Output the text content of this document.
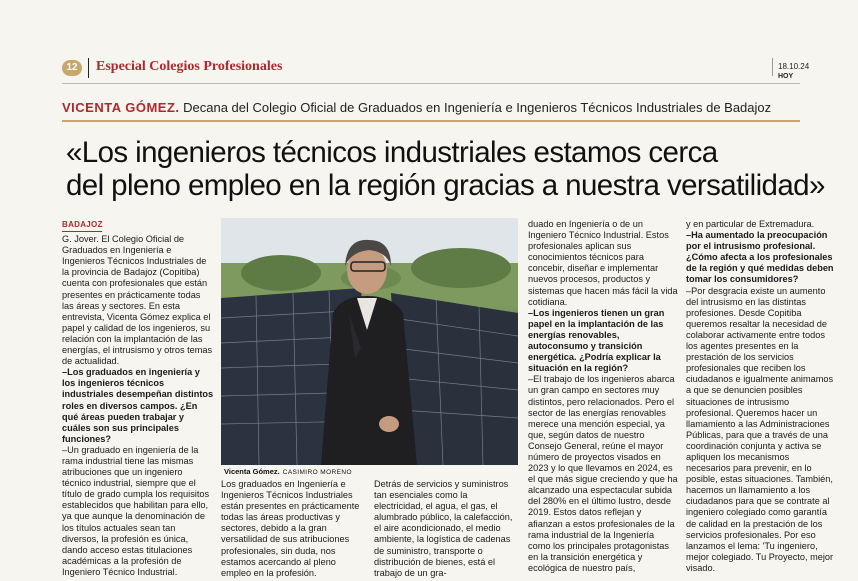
12	Especial Colegios Profesionales	18.10.24 HOY
VICENTA GÓMEZ. Decana del Colegio Oficial de Graduados en Ingeniería e Ingenieros Técnicos Industriales de Badajoz
«Los ingenieros técnicos industriales estamos cerca
del pleno empleo en la región gracias a nuestra versatilidad»
BADAJOZ

G. Jover. El Colegio Oficial de Graduados en Ingeniería e Ingenieros Técnicos Industriales de la provincia de Badajoz (Copitiba) cuenta con profesionales que están presentes en prácticamente todas las áreas y sectores. En esta entrevista, Vicenta Gómez explica el papel y calidad de los ingenieros, su relación con la implantación de las energías, el intrusismo y otros temas de actualidad.

–Los graduados en ingeniería y los ingenieros técnicos industriales desempeñan distintos roles en diversos campos. ¿En qué áreas pueden trabajar y cuáles son sus principales funciones?

–Un graduado en ingeniería de la rama industrial tiene las mismas atribuciones que un ingeniero técnico industrial, siempre que el título de grado cumpla los requisitos establecidos que habilitan para ello, ya que aunque la denominación de los títulos actuales sean tan diversos, la profesión es única, dando acceso estas titulaciones académicas a la profesión de Ingeniero Técnico Industrial.

Vicenta Gómez. CASIMIRO MORENO

Los graduados en Ingeniería e Ingenieros Técnicos Industriales están presentes en prácticamente todas las áreas productivas y sectores, debido a la gran versatilidad de sus atribuciones profesionales, sin duda, nos estamos acercando al pleno empleo en la profesión.

Detrás de servicios y suministros tan esenciales como la electricidad, el agua, el gas, el alumbrado público, la calefacción, el aire acondicionado, el medio ambiente, la logística de cadenas de suministro, transporte o distribución de bienes, está el trabajo de un gra-

duado en Ingeniería o de un Ingeniero Técnico Industrial. Estos profesionales aplican sus conocimientos técnicos para concebir, diseñar e implementar nuevos procesos, productos y sistemas que hacen más fácil la vida cotidiana.

–Los ingenieros tienen un gran papel en la implantación de las energías renovables, autoconsumo y transición energética. ¿Podría explicar la situación en la región?

–El trabajo de los ingenieros abarca un gran campo en sectores muy distintos, pero relacionados. Pero el sector de las energías renovables merece una mención especial, ya que, según datos de nuestro Consejo General, reúne el mayor número de proyectos visados en 2023 y lo que llevamos en 2024, es el que más sigue creciendo y que ha alcanzado una espectacular subida del 280% en el último lustro, desde 2019. Estos datos reflejan y afianzan a estos profesionales de la rama industrial de la Ingeniería como los principales protagonistas en la transición energética y ecológica de nuestro país,

y en particular de Extremadura.

–Ha aumentado la preocupación por el intrusismo profesional. ¿Cómo afecta a los profesionales de la región y qué medidas deben tomar los consumidores?

–Por desgracia existe un aumento del intrusismo en las distintas profesiones. Desde Copitiba queremos resaltar la necesidad de colaborar activamente entre todos los agentes presentes en la prestación de los servicios profesionales que reciben los ciudadanos e igualmente animamos a que se denuncien posibles situaciones de intrusismo profesional. Queremos hacer un llamamiento a las Administraciones Públicas, para que a través de una coordinación conjunta y activa se apliquen los mecanismos necesarios para prevenir, en lo posible, estas situaciones. También, hacemos un llamamiento a los ciudadanos para que se contrate al ingeniero colegiado como garantía de calidad en la prestación de los servicios profesionales. Por eso lanzamos el lema: 'Tu ingeniero, mejor colegiado. Tu Proyecto, mejor visado.
